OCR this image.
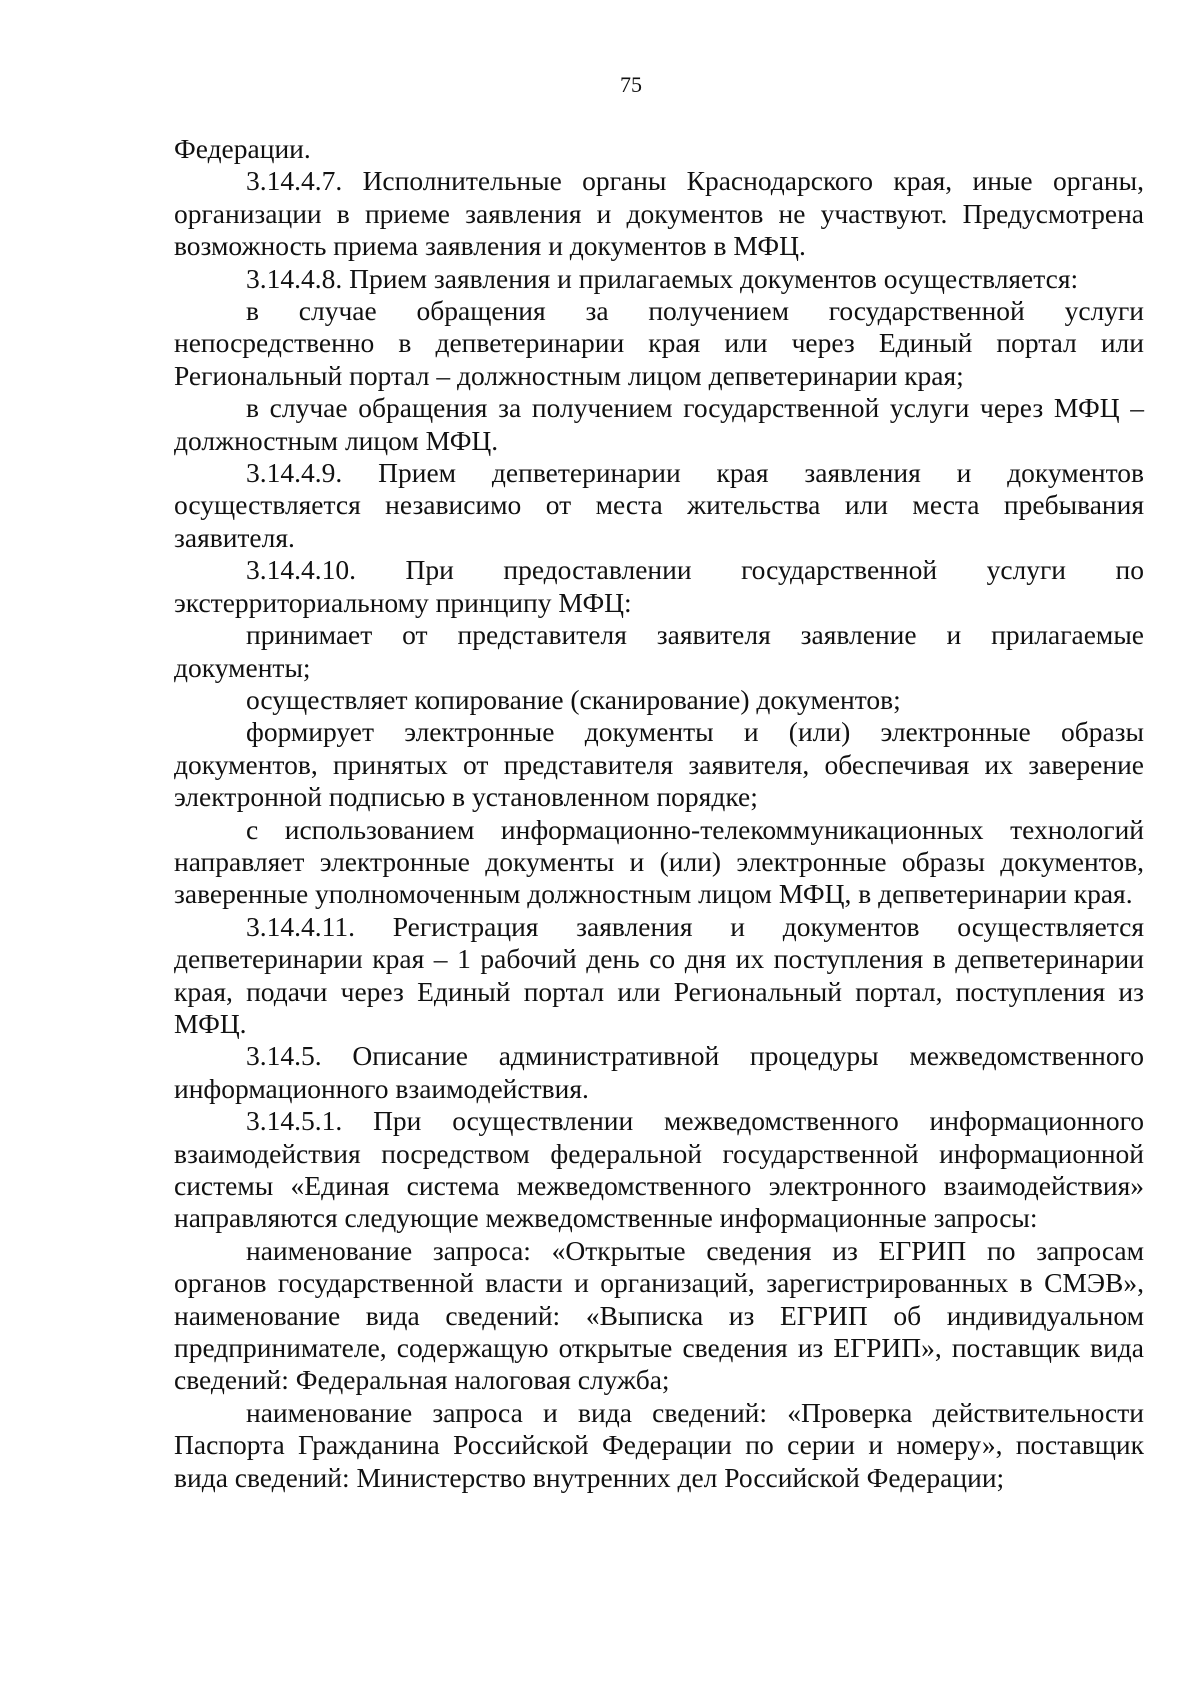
75

Федерации.

3.14.4.7. Исполнительные органы Краснодарского края, иные органы, организации в приеме заявления и документов не участвуют. Предусмотрена возможность приема заявления и документов в МФЦ.

3.14.4.8. Прием заявления и прилагаемых документов осуществляется:

в случае обращения за получением государственной услуги непосредственно в депветеринарии края или через Единый портал или Региональный портал – должностным лицом депветеринарии края;

в случае обращения за получением государственной услуги через МФЦ – должностным лицом МФЦ.

3.14.4.9. Прием депветеринарии края заявления и документов осуществляется независимо от места жительства или места пребывания заявителя.

3.14.4.10. При предоставлении государственной услуги по экстерриториальному принципу МФЦ:

принимает от представителя заявителя заявление и прилагаемые документы;

осуществляет копирование (сканирование) документов;

формирует электронные документы и (или) электронные образы документов, принятых от представителя заявителя, обеспечивая их заверение электронной подписью в установленном порядке;

с использованием информационно-телекоммуникационных технологий направляет электронные документы и (или) электронные образы документов, заверенные уполномоченным должностным лицом МФЦ, в депветеринарии края.

3.14.4.11. Регистрация заявления и документов осуществляется депветеринарии края – 1 рабочий день со дня их поступления в депветеринарии края, подачи через Единый портал или Региональный портал, поступления из МФЦ.

3.14.5. Описание административной процедуры межведомственного информационного взаимодействия.

3.14.5.1. При осуществлении межведомственного информационного взаимодействия посредством федеральной государственной информационной системы «Единая система межведомственного электронного взаимодействия» направляются следующие межведомственные информационные запросы:

наименование запроса: «Открытые сведения из ЕГРИП по запросам органов государственной власти и организаций, зарегистрированных в СМЭВ», наименование вида сведений: «Выписка из ЕГРИП об индивидуальном предпринимателе, содержащую открытые сведения из ЕГРИП», поставщик вида сведений: Федеральная налоговая служба;

наименование запроса и вида сведений: «Проверка действительности Паспорта Гражданина Российской Федерации по серии и номеру», поставщик вида сведений: Министерство внутренних дел Российской Федерации;
